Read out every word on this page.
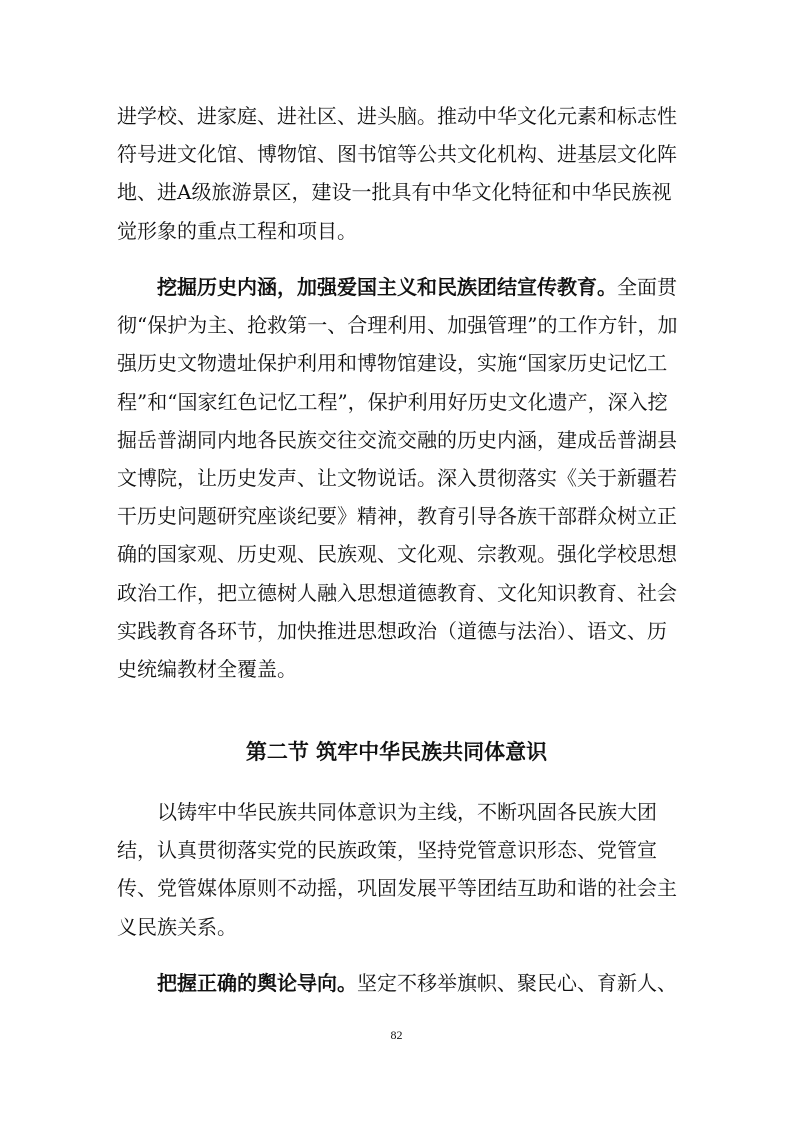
进学校、进家庭、进社区、进头脑。推动中华文化元素和标志性符号进文化馆、博物馆、图书馆等公共文化机构、进基层文化阵地、进A级旅游景区，建设一批具有中华文化特征和中华民族视觉形象的重点工程和项目。

挖掘历史内涵，加强爱国主义和民族团结宣传教育。全面贯彻“保护为主、抢救第一、合理利用、加强管理”的工作方针，加强历史文物遗址保护利用和博物馆建设，实施“国家历史记忆工程”和“国家红色记忆工程”，保护利用好历史文化遗产，深入挖掘岳普湖同内地各民族交往交流交融的历史内涵，建成岳普湖县文博院，让历史发声、让文物说话。深入贯彻落实《关于新疆若干历史问题研究座谈纪要》精神，教育引导各族干部群众树立正确的国家观、历史观、民族观、文化观、宗教观。强化学校思想政治工作，把立德树人融入思想道德教育、文化知识教育、社会实践教育各环节，加快推进思想政治（道德与法治）、语文、历史统编教材全覆盖。

第二节 筑牢中华民族共同体意识

以铸牢中华民族共同体意识为主线，不断巩固各民族大团结，认真贯彻落实党的民族政策，坚持党管意识形态、党管宣传、党管媒体原则不动摇，巩固发展平等团结互助和谐的社会主义民族关系。

把握正确的舆论导向。坚定不移举旗帜、聚民心、育新人、

82
